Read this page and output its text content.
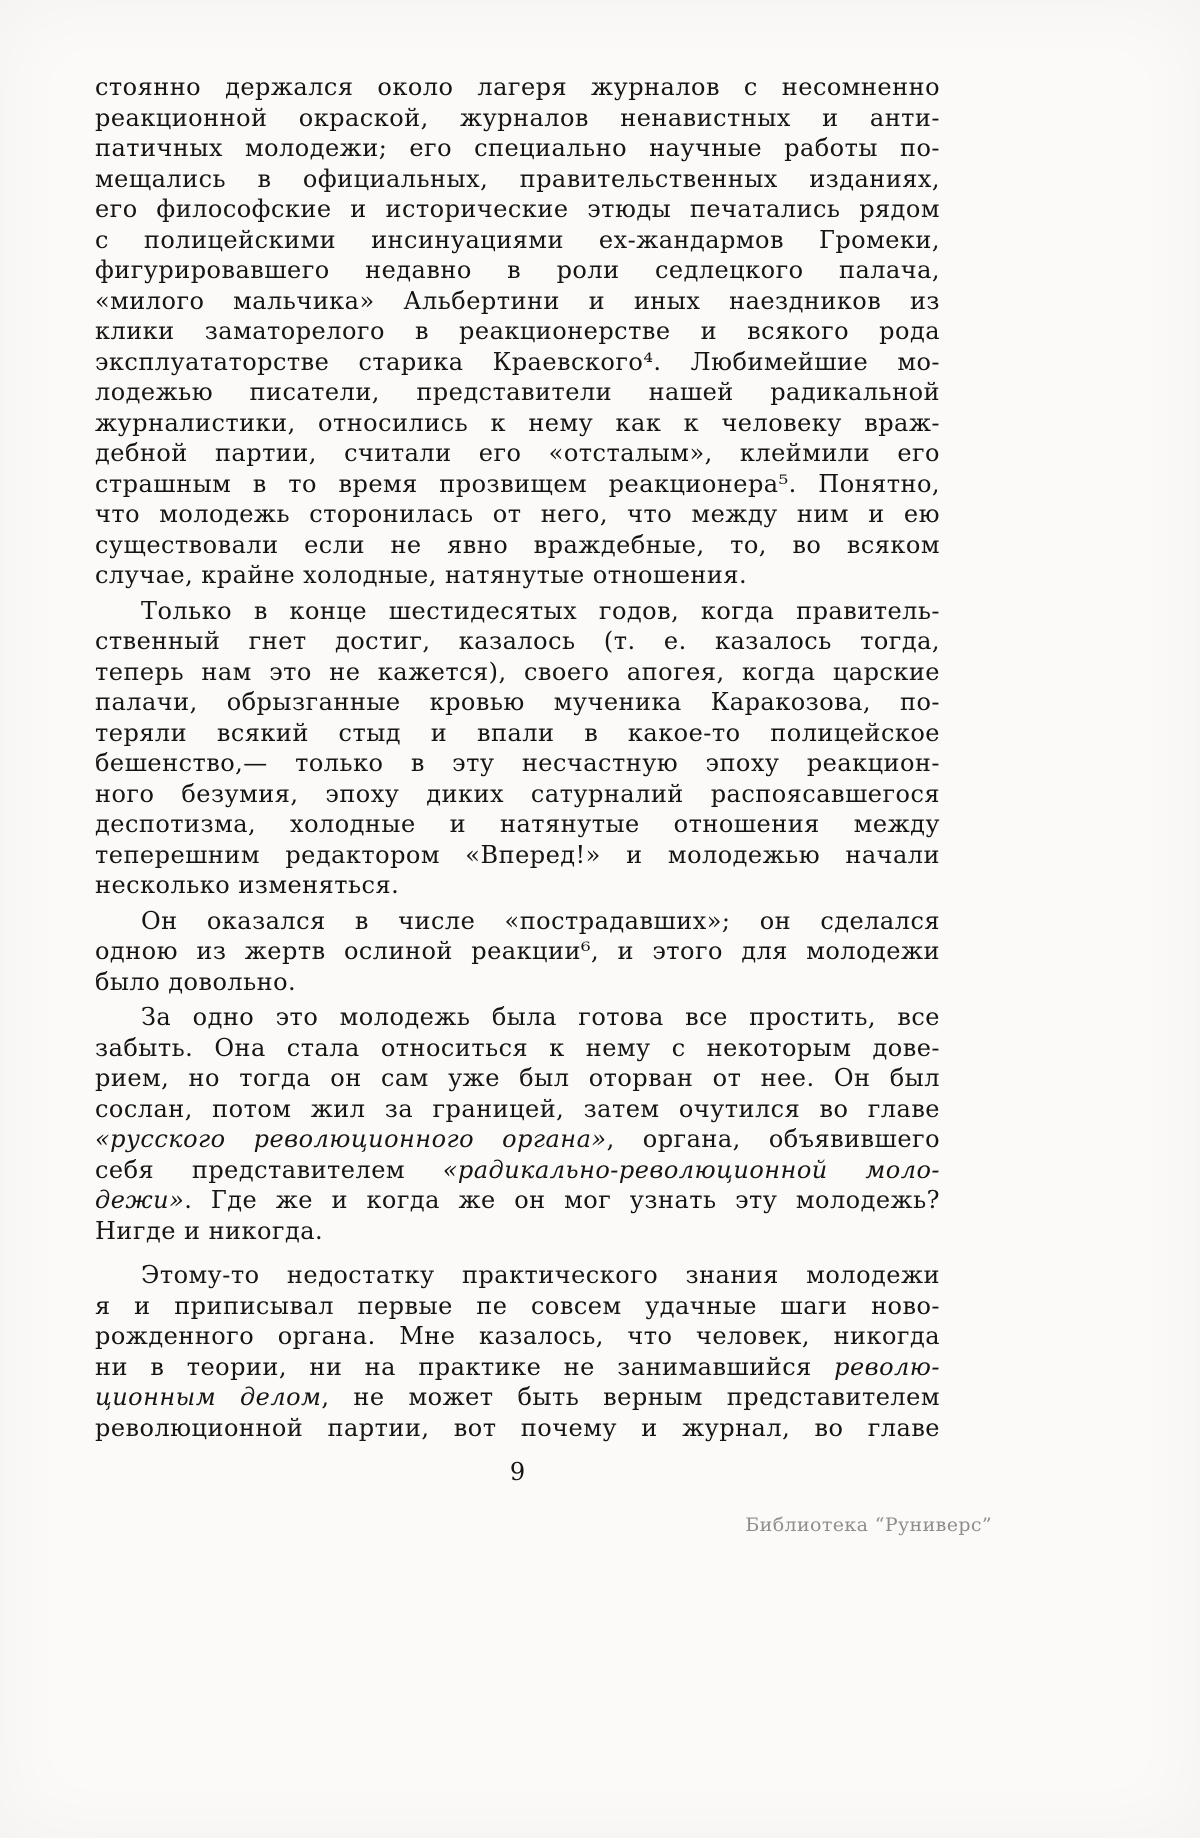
стоянно держался около лагеря журналов с несомненно
реакционной окраской, журналов ненавистных и анти-
патичных молодежи; его специально научные работы по-
мещались в официальных, правительственных изданиях,
его философские и исторические этюды печатались рядом
с полицейскими инсинуациями ех-жандармов Громеки,
фигурировавшего недавно в роли седлецкого палача,
«милого мальчика» Альбертини и иных наездников из
клики заматорелого в реакционерстве и всякого рода
эксплуататорстве старика Краевского⁴. Любимейшие мо-
лодежью писатели, представители нашей радикальной
журналистики, относились к нему как к человеку враж-
дебной партии, считали его «отсталым», клеймили его
страшным в то время прозвищем реакционера⁵. Понятно,
что молодежь сторонилась от него, что между ним и ею
существовали если не явно враждебные, то, во всяком
случае, крайне холодные, натянутые отношения.
Только в конце шестидесятых годов, когда правитель-
ственный гнет достиг, казалось (т. е. казалось тогда,
теперь нам это не кажется), своего апогея, когда царские
палачи, обрызганные кровью мученика Каракозова, по-
теряли всякий стыд и впали в какое-то полицейское
бешенство,— только в эту несчастную эпоху реакцион-
ного безумия, эпоху диких сатурналий распоясавшегося
деспотизма, холодные и натянутые отношения между
теперешним редактором «Вперед!» и молодежью начали
несколько изменяться.
Он оказался в числе «пострадавших»; он сделался
одною из жертв ослиной реакции⁶, и этого для молодежи
было довольно.
За одно это молодежь была готова все простить, все
забыть. Она стала относиться к нему с некоторым дове-
рием, но тогда он сам уже был оторван от нее. Он был
сослан, потом жил за границей, затем очутился во главе
«русского революционного органа», органа, объявившего
себя представителем «радикально-революционной моло-
дежи». Где же и когда же он мог узнать эту молодежь?
Нигде и никогда.
Этому-то недостатку практического знания молодежи
я и приписывал первые пе совсем удачные шаги ново-
рожденного органа. Мне казалось, что человек, никогда
ни в теории, ни на практике не занимавшийся револю-
ционным делом, не может быть верным представителем
революционной партии, вот почему и журнал, во главе
9
Библиотека “Руниверс”
